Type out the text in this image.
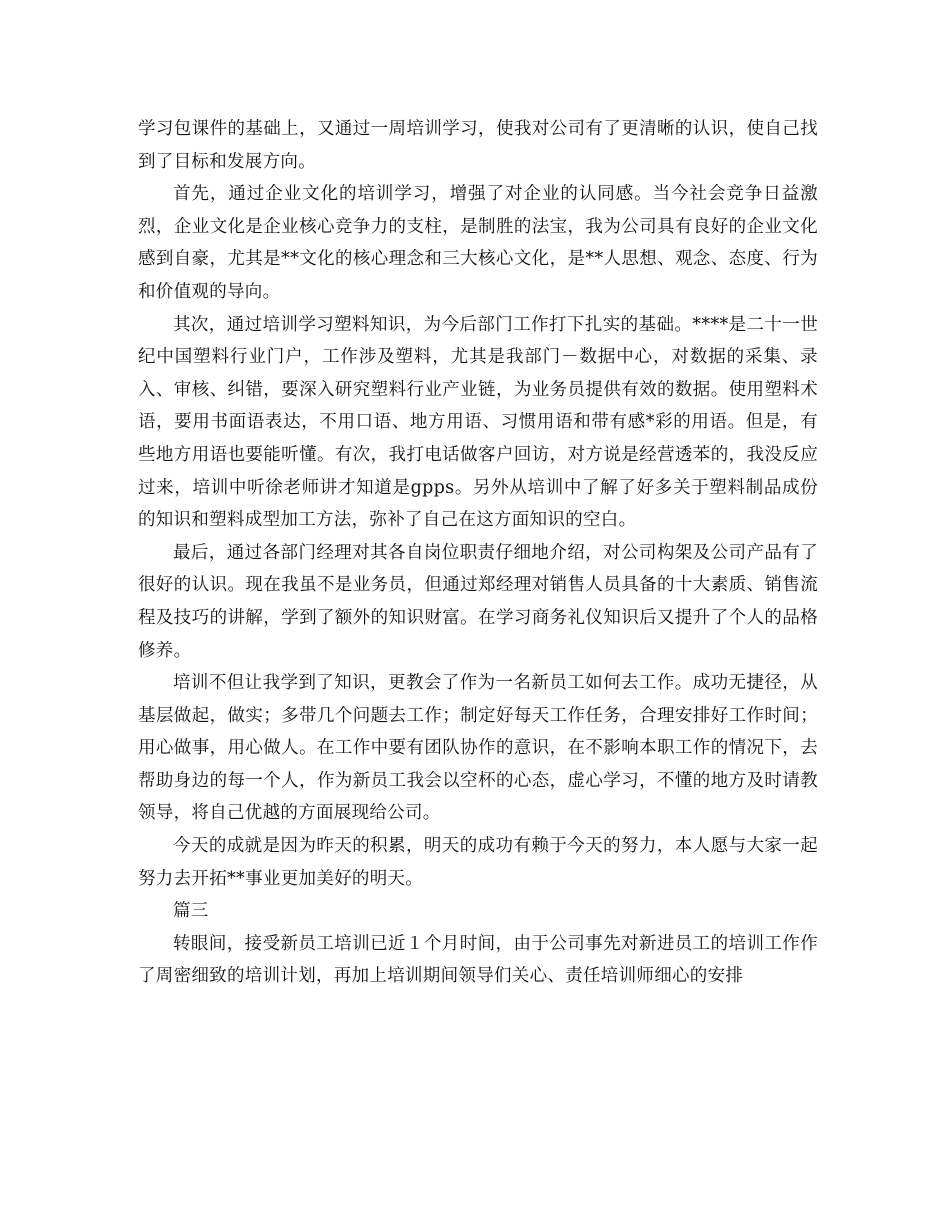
学习包课件的基础上，又通过一周培训学习，使我对公司有了更清晰的认识，使自己找到了目标和发展方向。

首先，通过企业文化的培训学习，增强了对企业的认同感。当今社会竞争日益激烈，企业文化是企业核心竞争力的支柱，是制胜的法宝，我为公司具有良好的企业文化感到自豪，尤其是**文化的核心理念和三大核心文化，是**人思想、观念、态度、行为和价值观的导向。

其次，通过培训学习塑料知识，为今后部门工作打下扎实的基础。****是二十一世纪中国塑料行业门户，工作涉及塑料，尤其是我部门－数据中心，对数据的采集、录入、审核、纠错，要深入研究塑料行业产业链，为业务员提供有效的数据。使用塑料术语，要用书面语表达，不用口语、地方用语、习惯用语和带有感*彩的用语。但是，有些地方用语也要能听懂。有次，我打电话做客户回访，对方说是经营透苯的，我没反应过来，培训中听徐老师讲才知道是gpps。另外从培训中了解了好多关于塑料制品成份的知识和塑料成型加工方法，弥补了自己在这方面知识的空白。

最后，通过各部门经理对其各自岗位职责仔细地介绍，对公司构架及公司产品有了很好的认识。现在我虽不是业务员，但通过郑经理对销售人员具备的十大素质、销售流程及技巧的讲解，学到了额外的知识财富。在学习商务礼仪知识后又提升了个人的品格修养。

培训不但让我学到了知识，更教会了作为一名新员工如何去工作。成功无捷径，从基层做起，做实；多带几个问题去工作；制定好每天工作任务，合理安排好工作时间；用心做事，用心做人。在工作中要有团队协作的意识，在不影响本职工作的情况下，去帮助身边的每一个人，作为新员工我会以空杯的心态，虚心学习，不懂的地方及时请教领导，将自己优越的方面展现给公司。

今天的成就是因为昨天的积累，明天的成功有赖于今天的努力，本人愿与大家一起努力去开拓**事业更加美好的明天。

篇三

转眼间，接受新员工培训已近１个月时间，由于公司事先对新进员工的培训工作作了周密细致的培训计划，再加上培训期间领导们关心、责任培训师细心的安排
